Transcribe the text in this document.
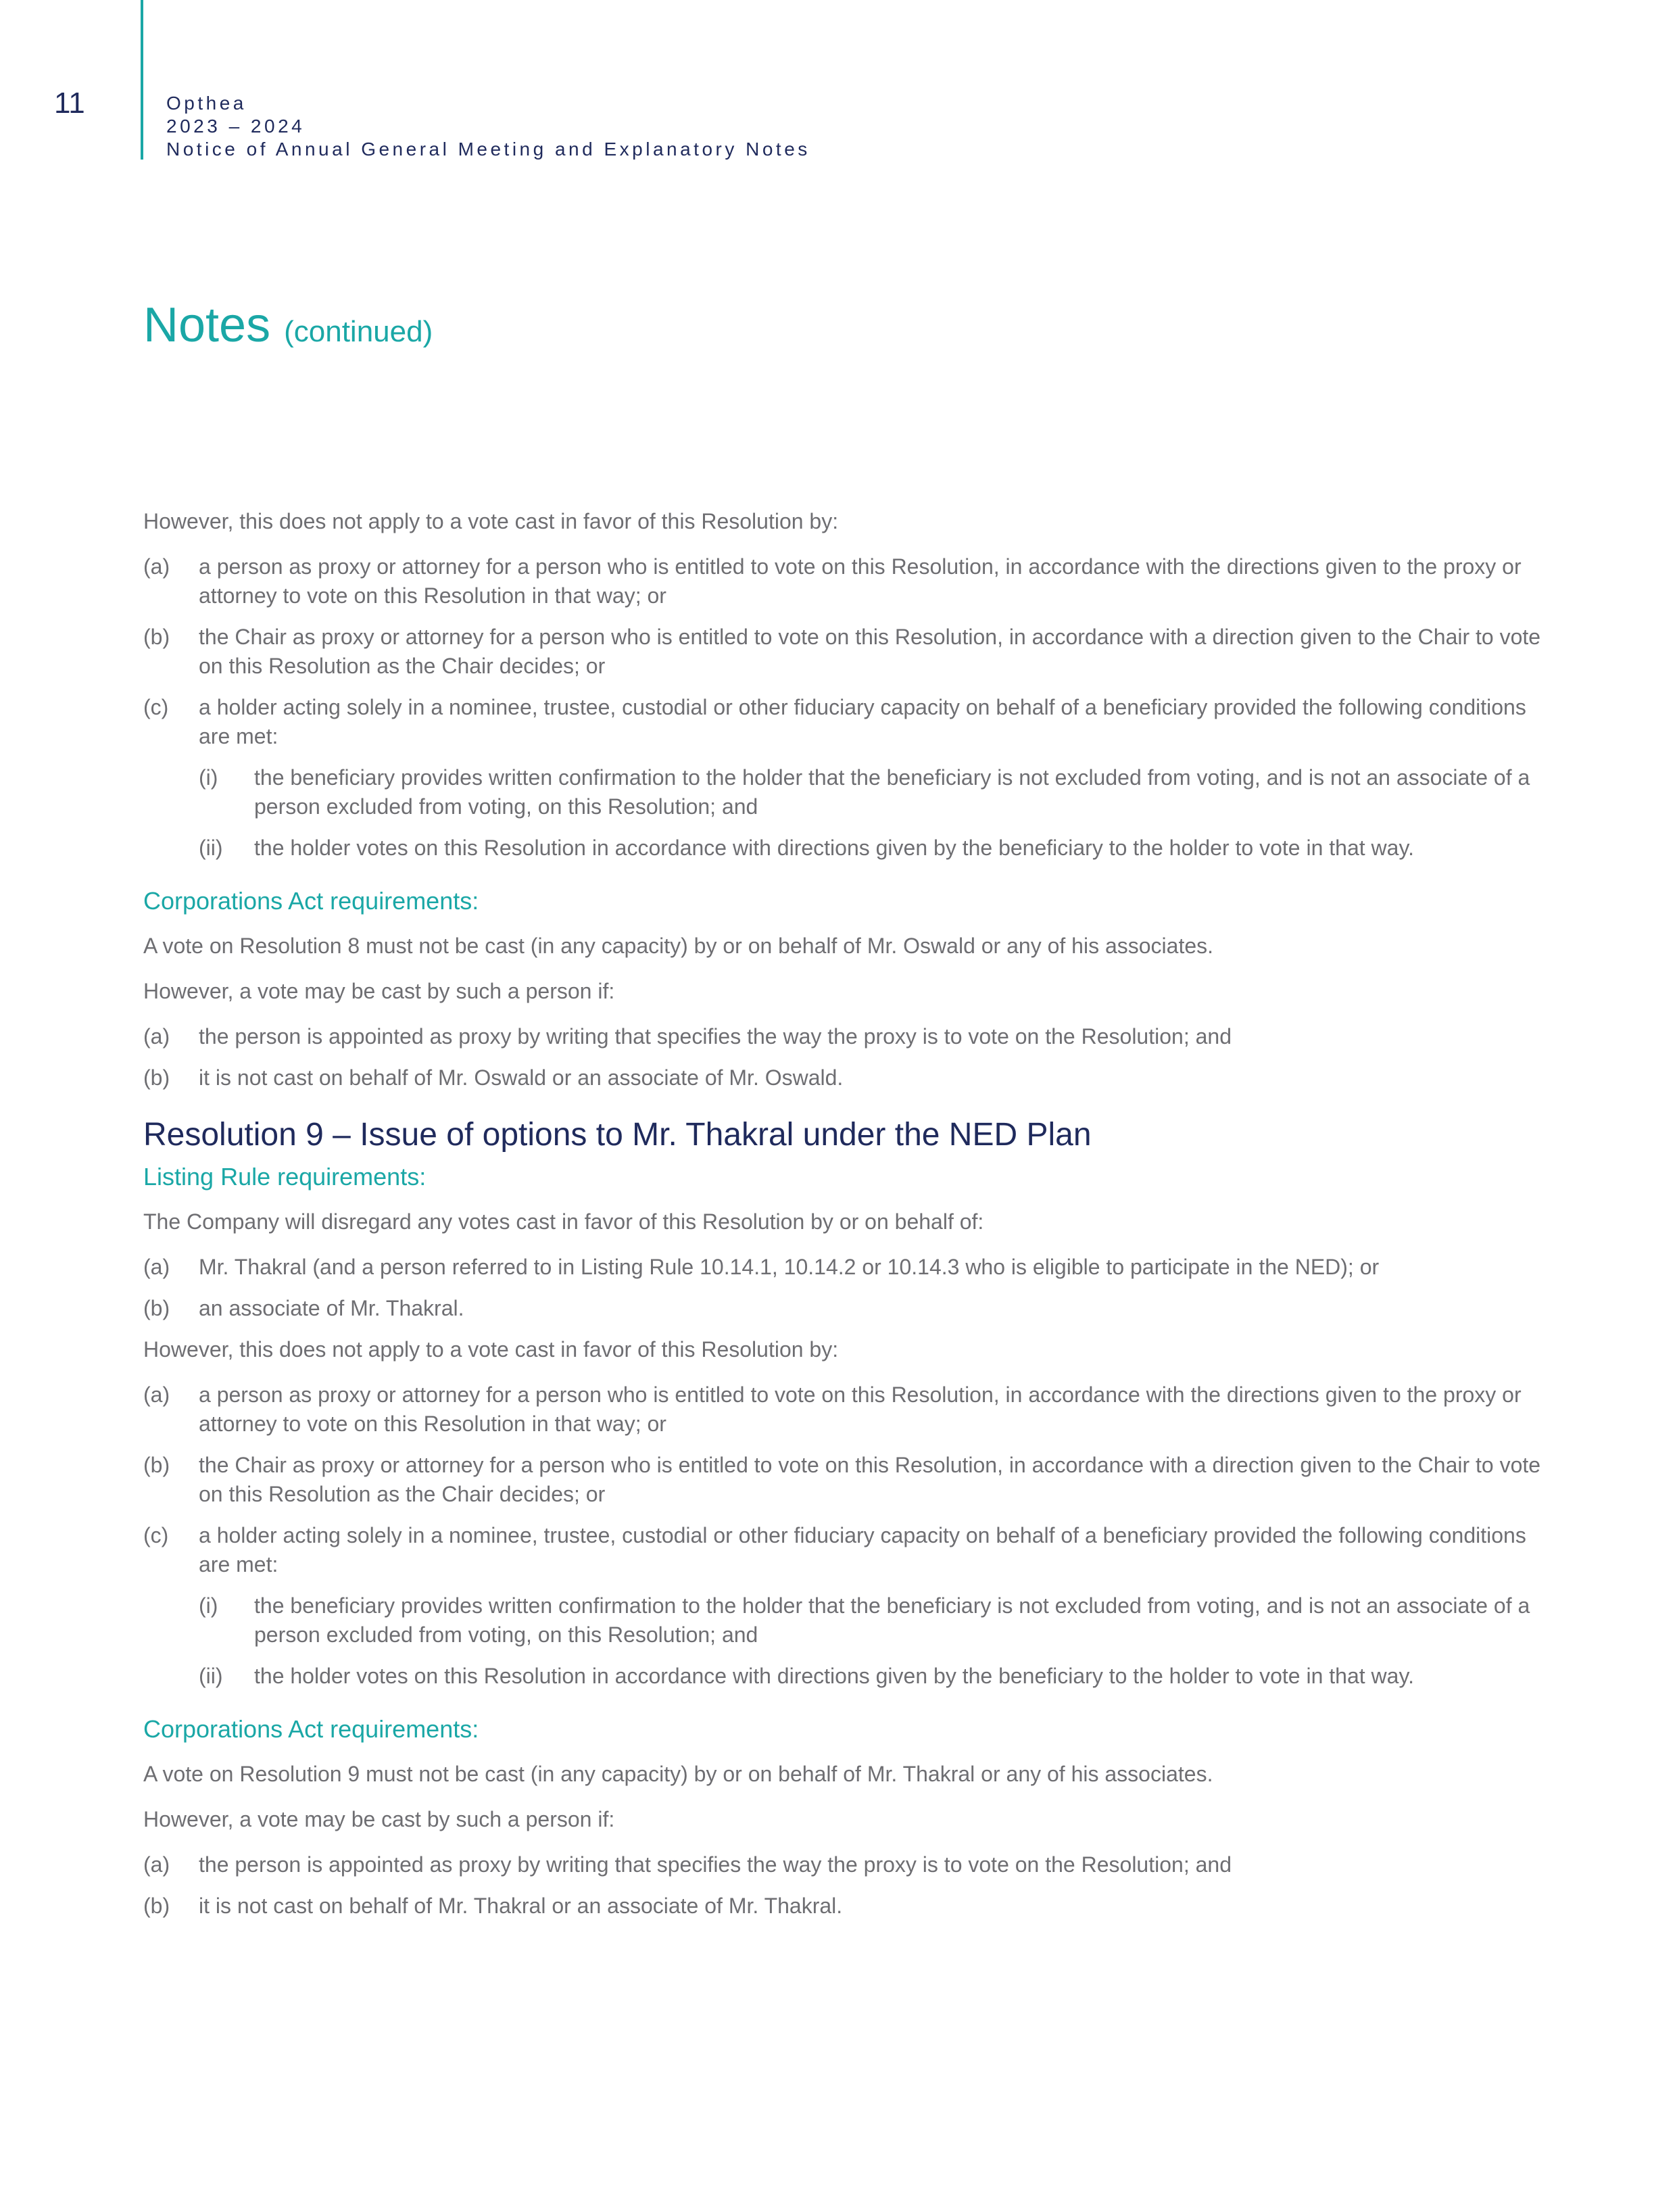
11	Opthea
2023 – 2024
Notice of Annual General Meeting and Explanatory Notes
Notes (continued)

However, this does not apply to a vote cast in favor of this Resolution by:

(a)	a person as proxy or attorney for a person who is entitled to vote on this Resolution, in accordance with the directions given to the proxy or attorney to vote on this Resolution in that way; or
(b)	the Chair as proxy or attorney for a person who is entitled to vote on this Resolution, in accordance with a direction given to the Chair to vote on this Resolution as the Chair decides; or
(c)	a holder acting solely in a nominee, trustee, custodial or other fiduciary capacity on behalf of a beneficiary provided the following conditions are met:
(i)	the beneficiary provides written confirmation to the holder that the beneficiary is not excluded from voting, and is not an associate of a person excluded from voting, on this Resolution; and
(ii)	the holder votes on this Resolution in accordance with directions given by the beneficiary to the holder to vote in that way.
Corporations Act requirements:

A vote on Resolution 8 must not be cast (in any capacity) by or on behalf of Mr. Oswald or any of his associates.

However, a vote may be cast by such a person if:

(a)	the person is appointed as proxy by writing that specifies the way the proxy is to vote on the Resolution; and
(b)	it is not cast on behalf of Mr. Oswald or an associate of Mr. Oswald.
Resolution 9 – Issue of options to Mr. Thakral under the NED Plan
Listing Rule requirements:

The Company will disregard any votes cast in favor of this Resolution by or on behalf of:

(a)	Mr. Thakral (and a person referred to in Listing Rule 10.14.1, 10.14.2 or 10.14.3 who is eligible to participate in the NED); or
(b)	an associate of Mr. Thakral.

However, this does not apply to a vote cast in favor of this Resolution by:

(a)	a person as proxy or attorney for a person who is entitled to vote on this Resolution, in accordance with the directions given to the proxy or attorney to vote on this Resolution in that way; or
(b)	the Chair as proxy or attorney for a person who is entitled to vote on this Resolution, in accordance with a direction given to the Chair to vote on this Resolution as the Chair decides; or
(c)	a holder acting solely in a nominee, trustee, custodial or other fiduciary capacity on behalf of a beneficiary provided the following conditions are met:
(i)	the beneficiary provides written confirmation to the holder that the beneficiary is not excluded from voting, and is not an associate of a person excluded from voting, on this Resolution; and
(ii)	the holder votes on this Resolution in accordance with directions given by the beneficiary to the holder to vote in that way.
Corporations Act requirements:

A vote on Resolution 9 must not be cast (in any capacity) by or on behalf of Mr. Thakral or any of his associates.

However, a vote may be cast by such a person if:

(a)	the person is appointed as proxy by writing that specifies the way the proxy is to vote on the Resolution; and
(b)	it is not cast on behalf of Mr. Thakral or an associate of Mr. Thakral.
